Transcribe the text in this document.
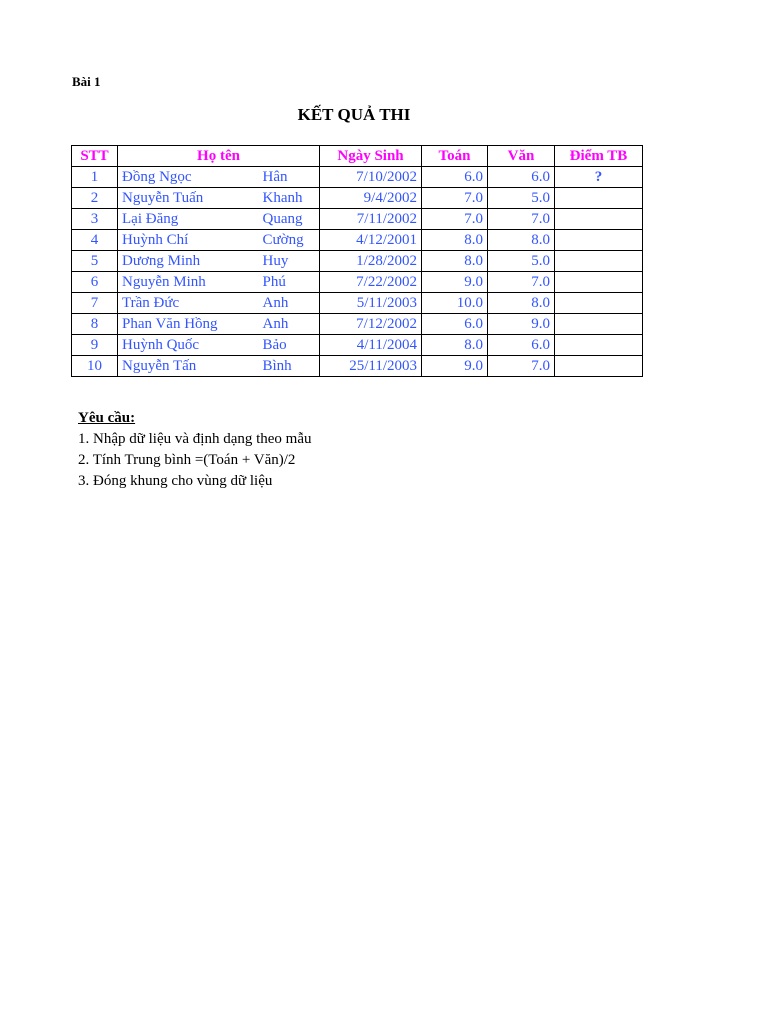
Bài 1
KẾT QUẢ THI
STT	Họ tên		Ngày Sinh	Toán	Văn	Điểm TB
1	Đồng Ngọc	Hân	7/10/2002	6.0	6.0	?
2	Nguyễn Tuấn	Khanh	9/4/2002	7.0	5.0	
3	Lại Đăng	Quang	7/11/2002	7.0	7.0	
4	Huỳnh Chí	Cường	4/12/2001	8.0	8.0	
5	Dương Minh	Huy	1/28/2002	8.0	5.0	
6	Nguyễn Minh	Phú	7/22/2002	9.0	7.0	
7	Trần Đức	Anh	5/11/2003	10.0	8.0	
8	Phan Văn Hồng	Anh	7/12/2002	6.0	9.0	
9	Huỳnh Quốc	Bảo	4/11/2004	8.0	6.0	
10	Nguyễn Tấn	Bình	25/11/2003	9.0	7.0	
Yêu cầu:
1. Nhập dữ liệu và định dạng theo mẫu
2. Tính Trung bình =(Toán + Văn)/2
3. Đóng khung cho vùng dữ liệu
